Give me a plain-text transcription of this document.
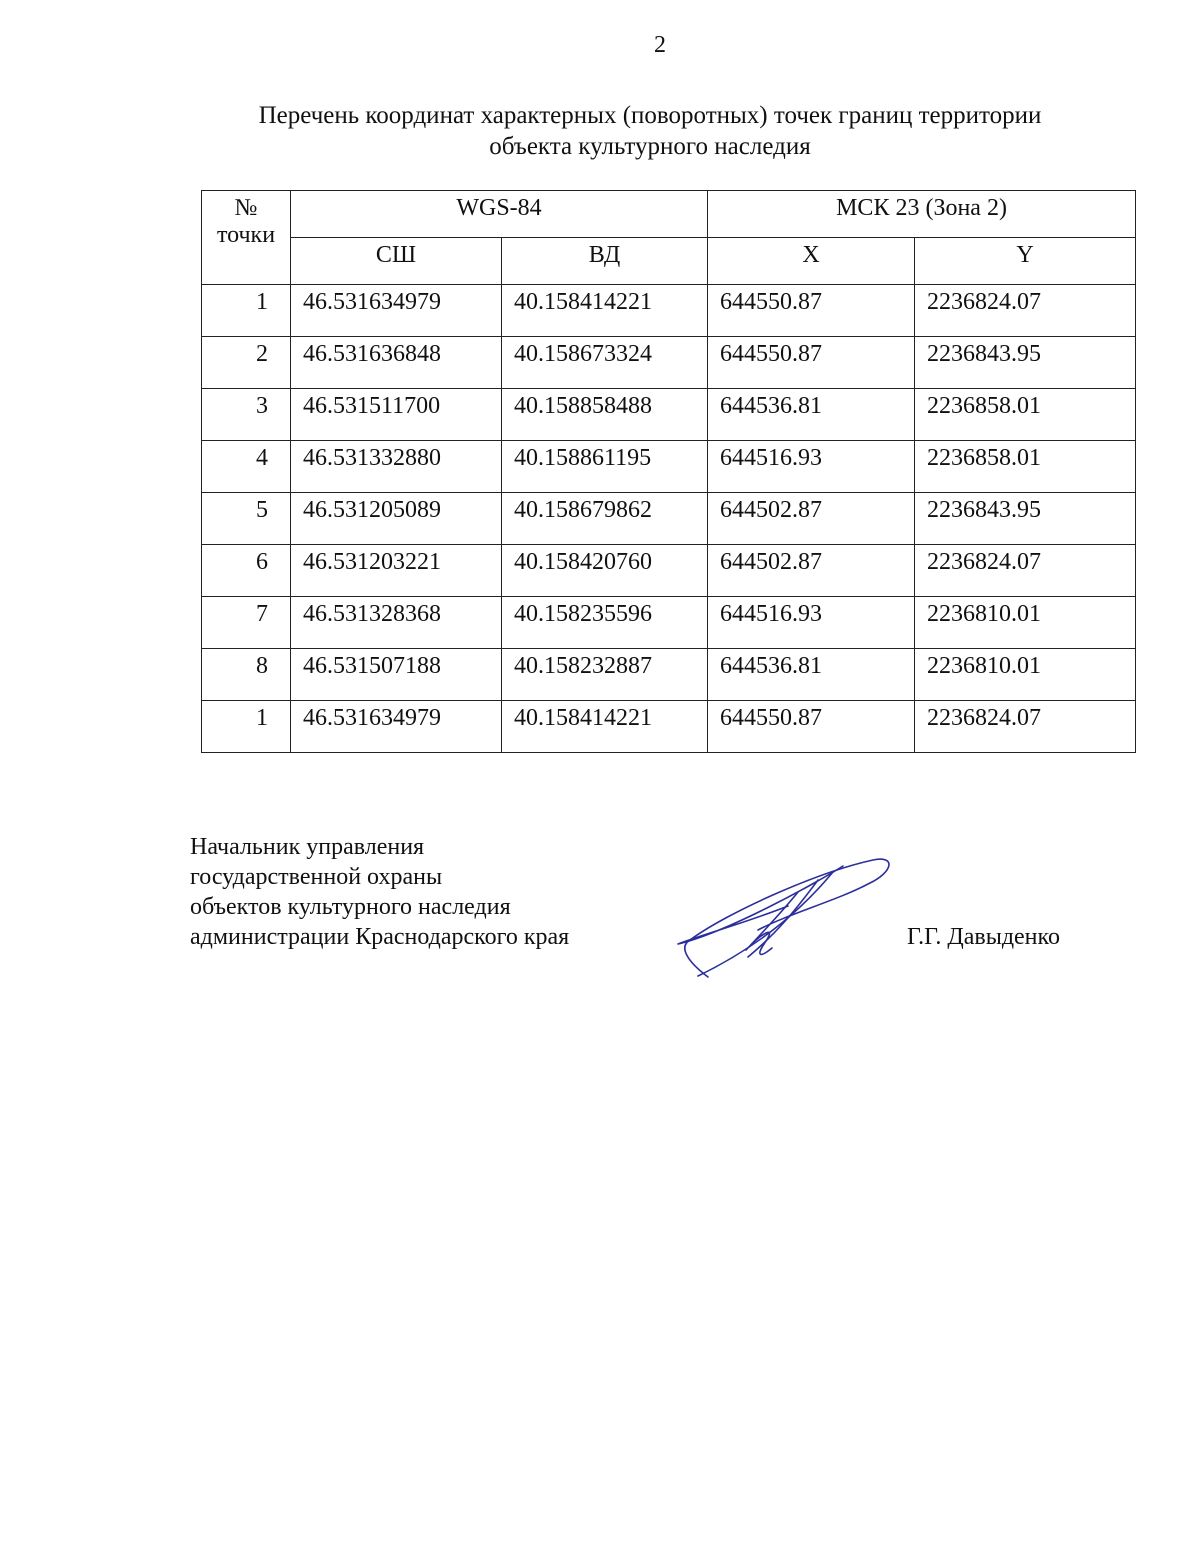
2
Перечень координат характерных (поворотных) точек границ территории
объекта культурного наследия
№
точки	WGS-84		МСК 23 (Зона 2)	
	СШ	ВД	X	Y
1	46.531634979	40.158414221	644550.87	2236824.07
2	46.531636848	40.158673324	644550.87	2236843.95
3	46.531511700	40.158858488	644536.81	2236858.01
4	46.531332880	40.158861195	644516.93	2236858.01
5	46.531205089	40.158679862	644502.87	2236843.95
6	46.531203221	40.158420760	644502.87	2236824.07
7	46.531328368	40.158235596	644516.93	2236810.01
8	46.531507188	40.158232887	644536.81	2236810.01
1	46.531634979	40.158414221	644550.87	2236824.07
Начальник управления
государственной охраны
объектов культурного наследия
администрации Краснодарского края	Г.Г. Давыденко
